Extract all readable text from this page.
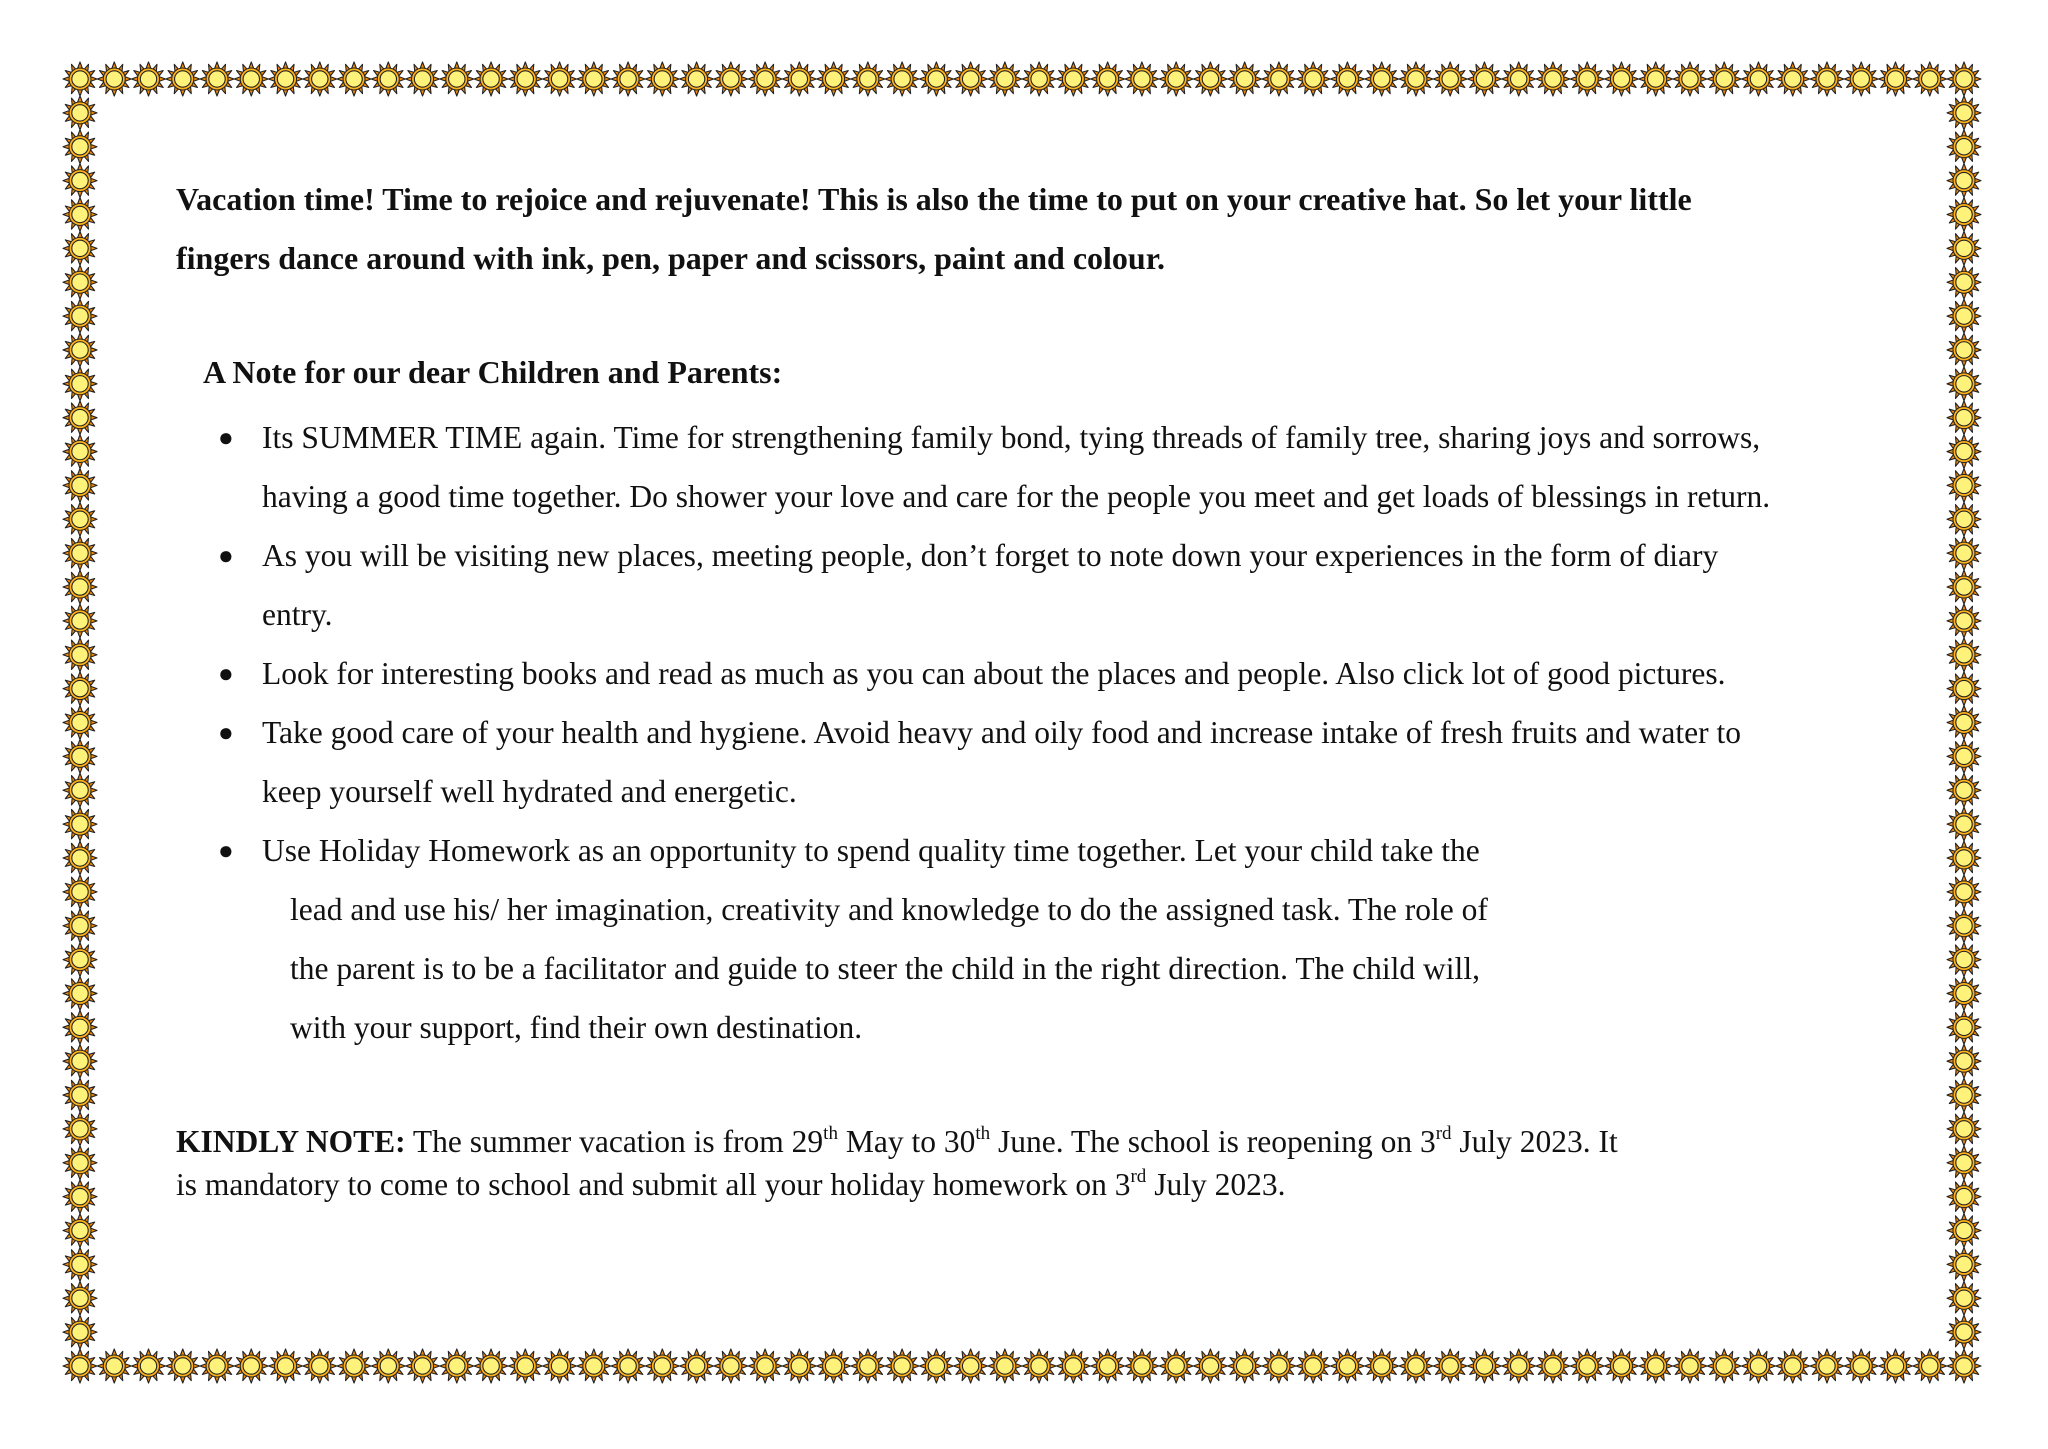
Vacation time! Time to rejoice and rejuvenate! This is also the time to put on your creative hat. So let your little
fingers dance around with ink, pen, paper and scissors, paint and colour.

A Note for our dear Children and Parents:

● Its SUMMER TIME again. Time for strengthening family bond, tying threads of family tree, sharing joys and sorrows,
having a good time together. Do shower your love and care for the people you meet and get loads of blessings in return.
● As you will be visiting new places, meeting people, don’t forget to note down your experiences in the form of diary
entry.
● Look for interesting books and read as much as you can about the places and people. Also click lot of good pictures.
● Take good care of your health and hygiene. Avoid heavy and oily food and increase intake of fresh fruits and water to
keep yourself well hydrated and energetic.
● Use Holiday Homework as an opportunity to spend quality time together. Let your child take the
lead and use his/ her imagination, creativity and knowledge to do the assigned task. The role of
the parent is to be a facilitator and guide to steer the child in the right direction. The child will,
with your support, find their own destination.

KINDLY NOTE: The summer vacation is from 29th May to 30th June. The school is reopening on 3rd July 2023. It
is mandatory to come to school and submit all your holiday homework on 3rd July 2023.
